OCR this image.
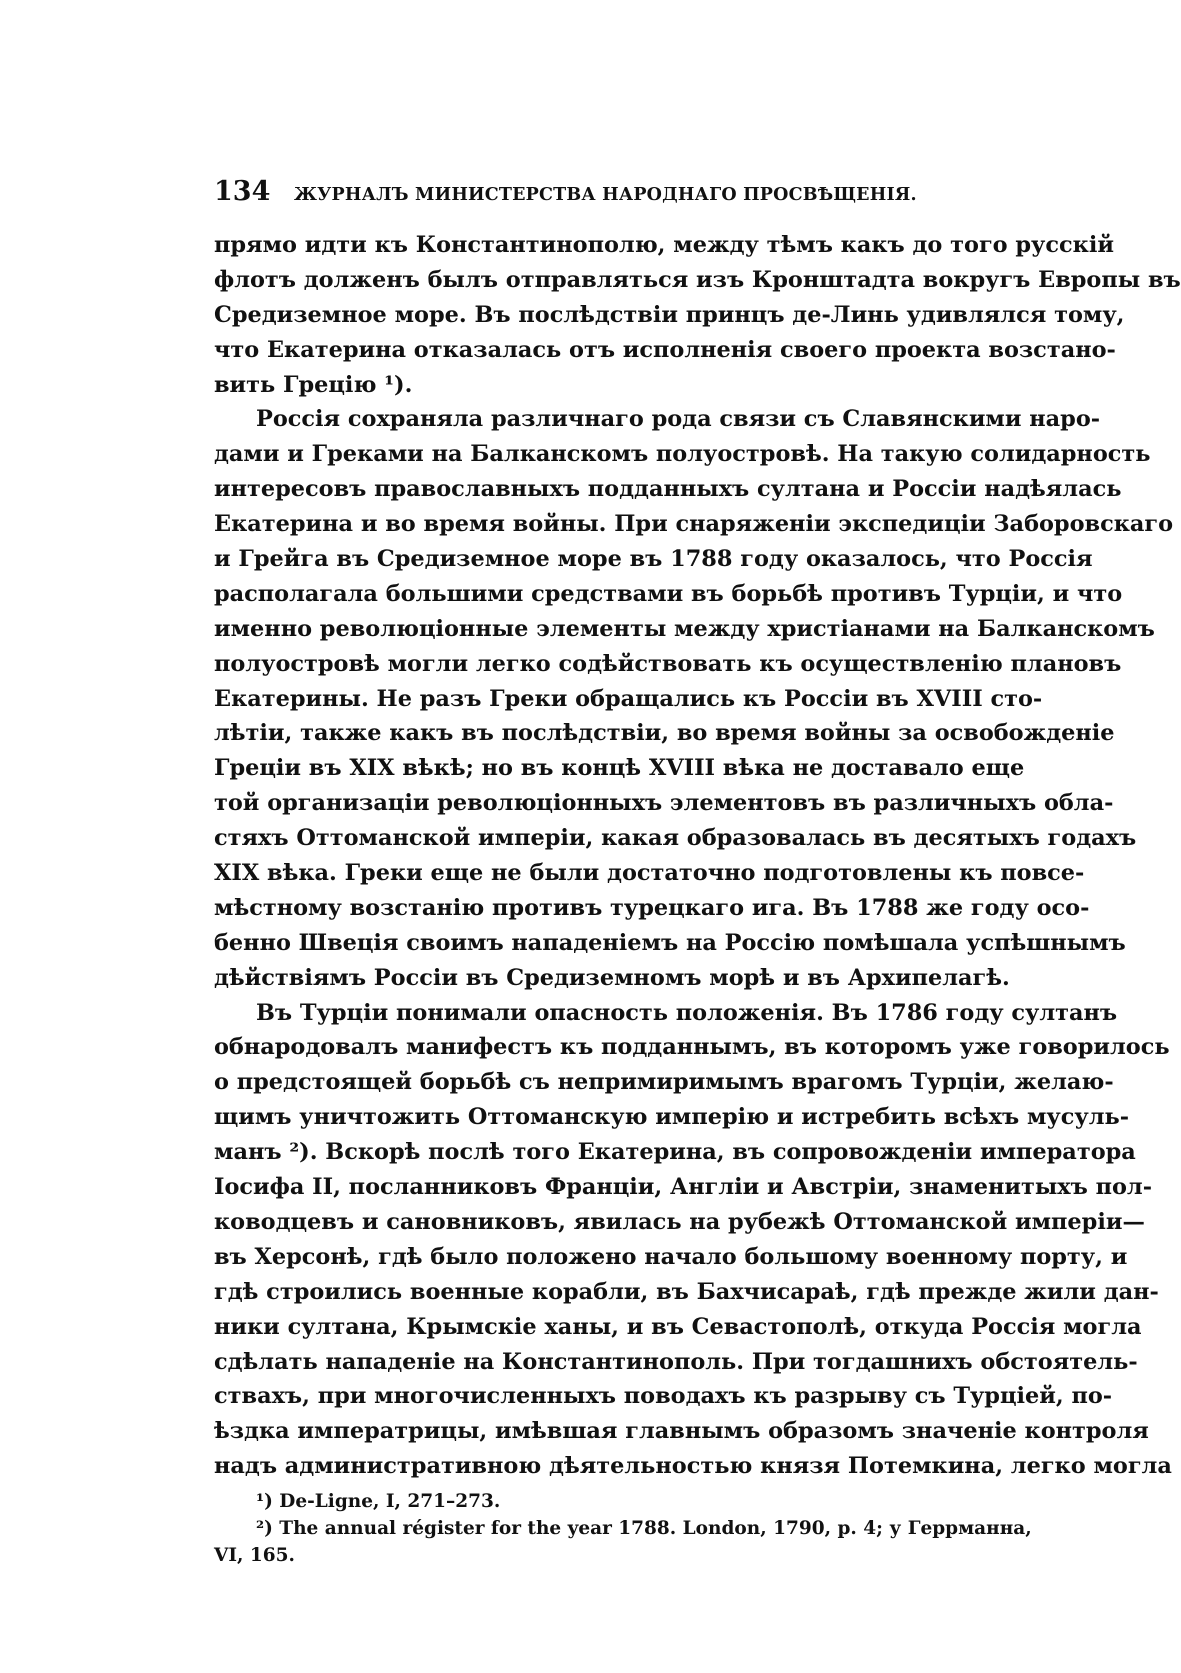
134	ЖУРНАЛЪ МИНИСТЕРСТВА НАРОДНАГО ПРОСВѢЩЕНІЯ.
прямо идти къ Константинополю, между тѣмъ какъ до того русскій
флотъ долженъ былъ отправляться изъ Кронштадта вокругъ Европы въ
Средиземное море. Въ послѣдствіи принцъ де-Линь удивлялся тому,
что Екатерина отказалась отъ исполненія своего проекта возстано-
вить Грецію ¹).
Россія сохраняла различнаго рода связи съ Славянскими наро-
дами и Греками на Балканскомъ полуостровѣ. На такую солидарность
интересовъ православныхъ подданныхъ султана и Россіи надѣялась
Екатерина и во время войны. При снаряженіи экспедиціи Заборовскаго
и Грейга въ Средиземное море въ 1788 году оказалось, что Россія
располагала большими средствами въ борьбѣ противъ Турціи, и что
именно революціонные элементы между христіанами на Балканскомъ
полуостровѣ могли легко содѣйствовать къ осуществленію плановъ
Екатерины. Не разъ Греки обращались къ Россіи въ XVIII сто-
лѣтіи, также какъ въ послѣдствіи, во время войны за освобожденіе
Греціи въ XIX вѣкѣ; но въ концѣ XVIII вѣка не доставало еще
той организаціи революціонныхъ элементовъ въ различныхъ обла-
стяхъ Оттоманской имперіи, какая образовалась въ десятыхъ годахъ
XIX вѣка. Греки еще не были достаточно подготовлены къ повсе-
мѣстному возстанію противъ турецкаго ига. Въ 1788 же году осо-
бенно Швеція своимъ нападеніемъ на Россію помѣшала успѣшнымъ
дѣйствіямъ Россіи въ Средиземномъ морѣ и въ Архипелагѣ.
Въ Турціи понимали опасность положенія. Въ 1786 году султанъ
обнародовалъ манифестъ къ подданнымъ, въ которомъ уже говорилось
о предстоящей борьбѣ съ непримиримымъ врагомъ Турціи, желаю-
щимъ уничтожить Оттоманскую имперію и истребить всѣхъ мусуль-
манъ ²). Вскорѣ послѣ того Екатерина, въ сопровожденіи императора
Іосифа II, посланниковъ Франціи, Англіи и Австріи, знаменитыхъ пол-
ководцевъ и сановниковъ, явилась на рубежѣ Оттоманской имперіи—
въ Херсонѣ, гдѣ было положено начало большому военному порту, и
гдѣ строились военные корабли, въ Бахчисараѣ, гдѣ прежде жили дан-
ники султана, Крымскіе ханы, и въ Севастополѣ, откуда Россія могла
сдѣлать нападеніе на Константинополь. При тогдашнихъ обстоятель-
ствахъ, при многочисленныхъ поводахъ къ разрыву съ Турціей, по-
ѣздка императрицы, имѣвшая главнымъ образомъ значеніе контроля
надъ административною дѣятельностью князя Потемкина, легко могла
¹) De-Ligne, I, 271–273.
²) The annual régistеr for the year 1788. London, 1790, p. 4; у Геррманна,
VI, 165.
